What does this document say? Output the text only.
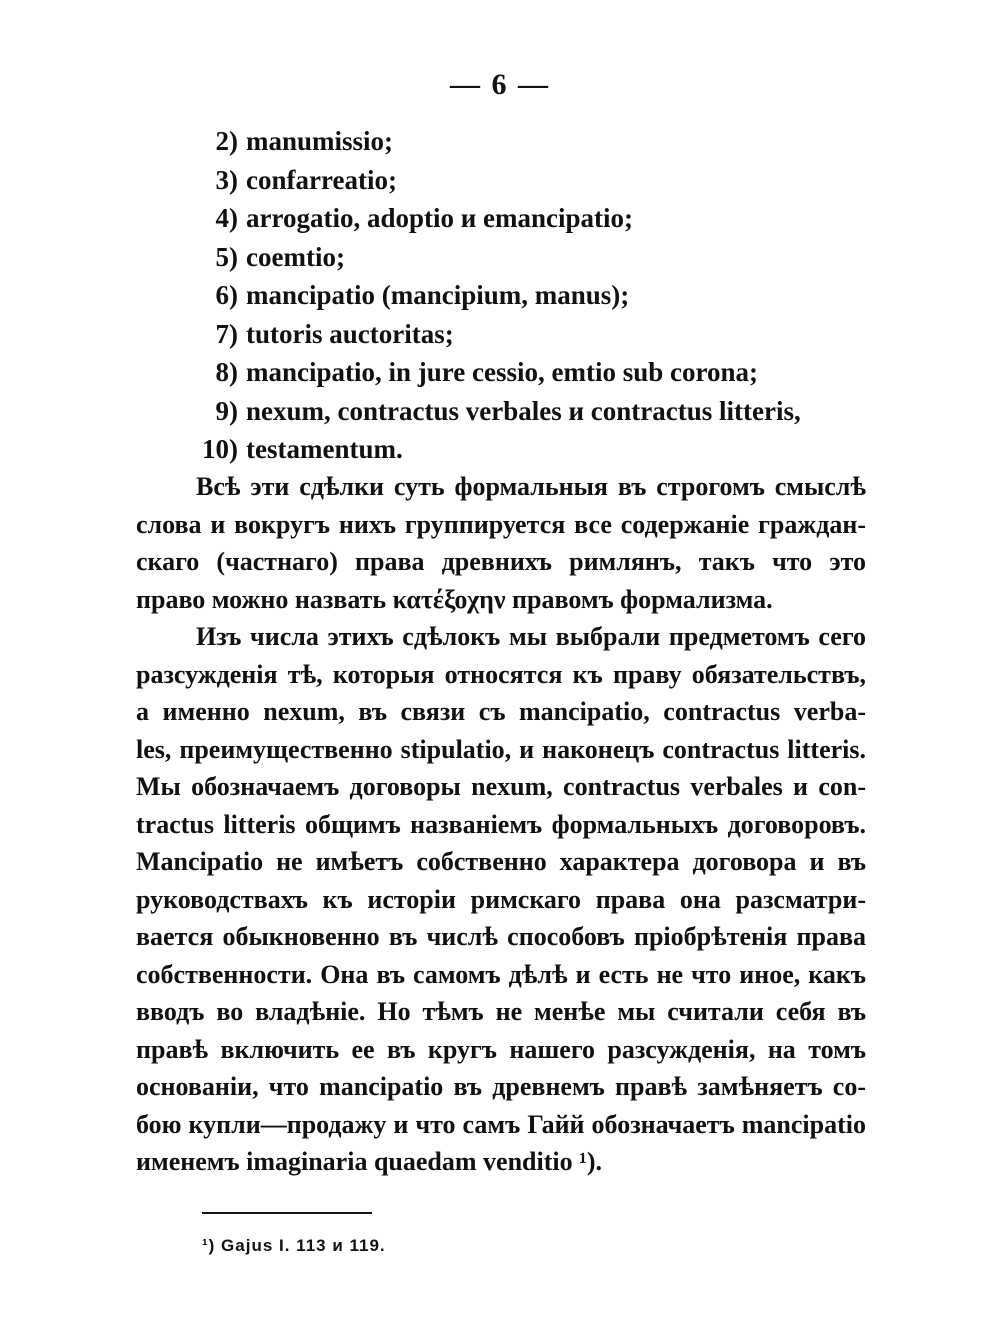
— 6 —
2) manumissio;
3) confarreatio;
4) arrogatio, adoptio и emancipatio;
5) coemtio;
6) mancipatio (mancipium, manus);
7) tutoris auctoritas;
8) mancipatio, in jure cessio, emtio sub corona;
9) nexum, contractus verbales и contractus litteris,
10) testamentum.
Всѣ эти сдѣлки суть формальныя въ строгомъ смыслѣ
слова и вокругъ нихъ группируется все содержаніе граждан-
скаго (частнаго) права древнихъ римлянъ, такъ что это
право можно назвать κατέξοχην правомъ формализма.
Изъ числа этихъ сдѣлокъ мы выбрали предметомъ сего
разсужденія тѣ, которыя относятся къ праву обязательствъ,
а именно nexum, въ связи съ mancipatio, contractus verba-
les, преимущественно stipulatio, и наконецъ contractus litteris.
Мы обозначаемъ договоры nexum, contractus verbales и con-
tractus litteris общимъ названіемъ формальныхъ договоровъ.
Mancipatio не имѣетъ собственно характера договора и въ
руководствахъ къ исторіи римскаго права она разсматри-
вается обыкновенно въ числѣ способовъ пріобрѣтенія права
собственности. Она въ самомъ дѣлѣ и есть не что иное, какъ
вводъ во владѣніе. Но тѣмъ не менѣе мы считали себя въ
правѣ включить ее въ кругъ нашего разсужденія, на томъ
основаніи, что mancipatio въ древнемъ правѣ замѣняетъ со-
бою купли—продажу и что самъ Гайй обозначаетъ mancipatio
именемъ imaginaria quaedam venditio ¹).
¹) Gajus I. 113 и 119.
